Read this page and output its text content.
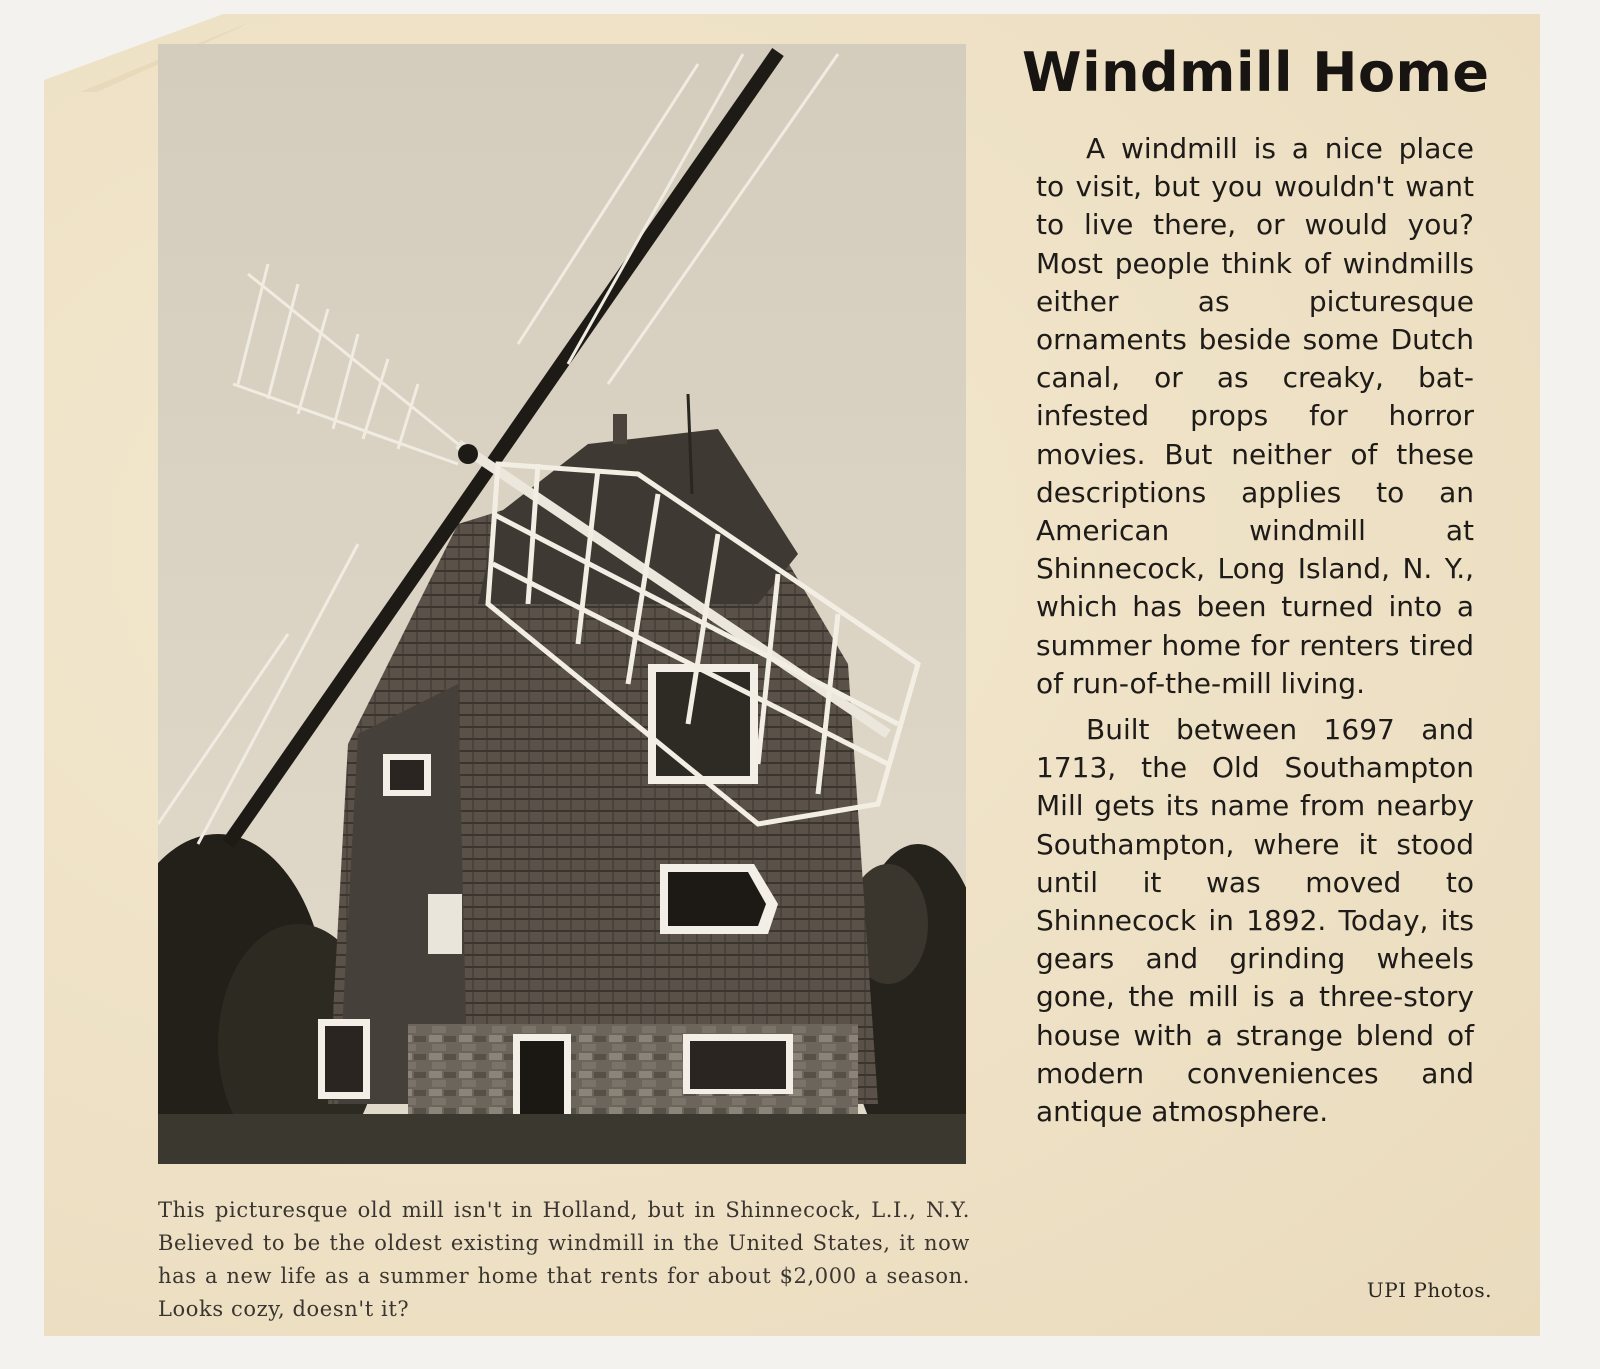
This picturesque old mill isn't in Holland, but in Shinnecock, L.I., N.Y. Believed to be the oldest existing windmill in the United States, it now has a new life as a summer home that rents for about $2,000 a season. Looks cozy, doesn't it?
Windmill Home

A windmill is a nice place to visit, but you wouldn't want to live there, or would you? Most people think of windmills either as picturesque ornaments beside some Dutch canal, or as creaky, bat-infested props for horror movies. But neither of these descriptions applies to an American windmill at Shinnecock, Long Island, N. Y., which has been turned into a summer home for renters tired of run-of-the-mill living.

Built between 1697 and 1713, the Old Southampton Mill gets its name from nearby Southampton, where it stood until it was moved to Shinnecock in 1892. Today, its gears and grinding wheels gone, the mill is a three-story house with a strange blend of modern conveniences and antique atmosphere.

UPI Photos.
